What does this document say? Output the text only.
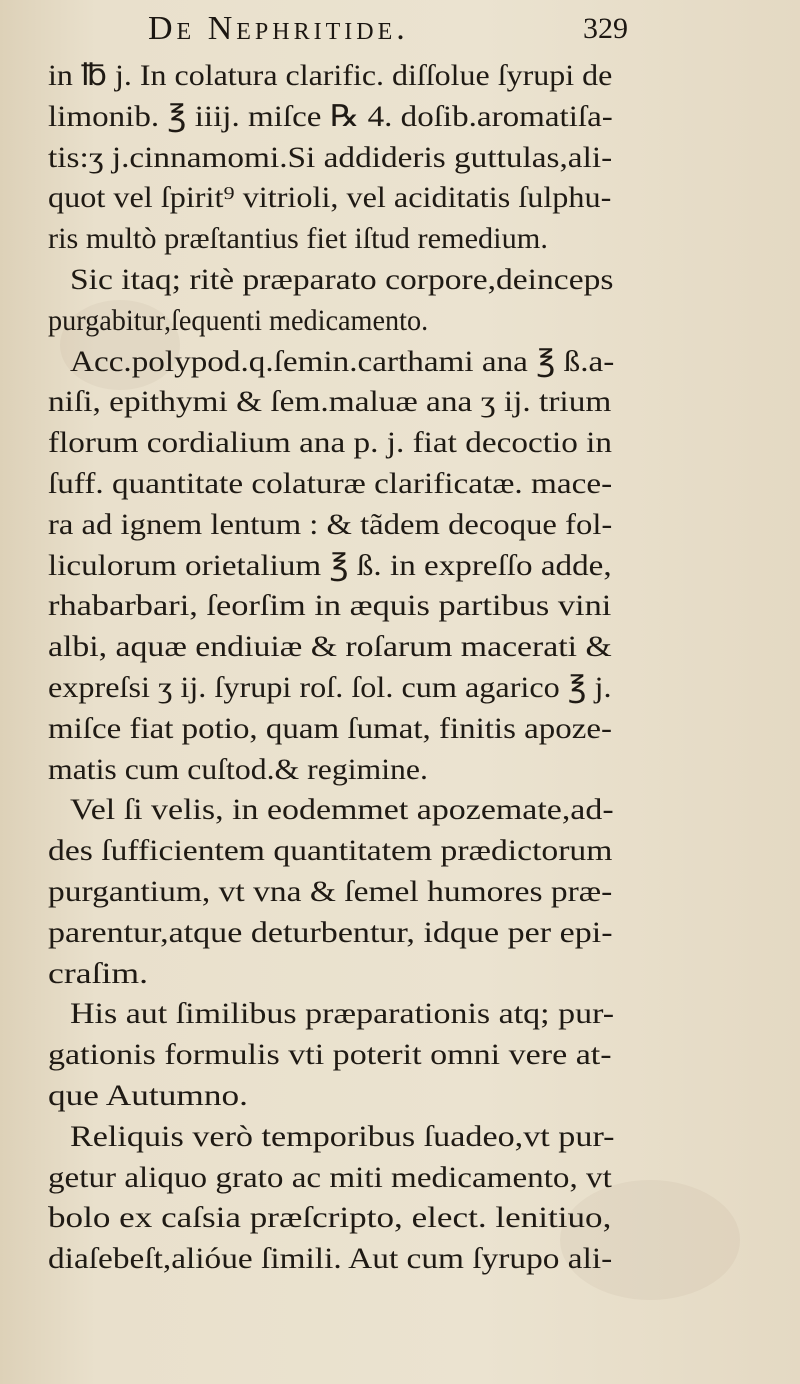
De Nephritide.	329
in ℔ j. In colatura clarific. diſſolue ſyrupi de
limonib. ℥ iiij. miſce ℞ 4. doſib.aromatiſa-
tis:ʒ j.cinnamomi.Si addideris guttulas,ali-
quot vel ſpirit⁹ vitrioli, vel aciditatis ſulphu-
ris multò præſtantius fiet iſtud remedium.
Sic itaq; ritè præparato corpore,deinceps
purgabitur,ſequenti medicamento.
Acc.polypod.q.ſemin.carthami ana ℥ ß.a-
niſi, epithymi & ſem.maluæ ana ʒ ij. trium
florum cordialium ana p. j. fiat decoctio in
ſuff. quantitate colaturæ clarificatæ. mace-
ra ad ignem lentum : & tãdem decoque fol-
liculorum orietalium ℥ ß. in expreſſo adde,
rhabarbari, ſeorſim in æquis partibus vini
albi, aquæ endiuiæ & roſarum macerati &
expreſsi ʒ ij. ſyrupi roſ. ſol. cum agarico ℥ j.
miſce fiat potio, quam ſumat, finitis apoze-
matis cum cuſtod.& regimine.
Vel ſi velis, in eodemmet apozemate,ad-
des ſufficientem quantitatem prædictorum
purgantium, vt vna & ſemel humores præ-
parentur,atque deturbentur, idque per epi-
craſim.
His aut ſimilibus præparationis atq; pur-
gationis formulis vti poterit omni vere at-
que Autumno.
Reliquis verò temporibus ſuadeo,vt pur-
getur aliquo grato ac miti medicamento, vt
bolo ex caſsia præſcripto, elect. lenitiuo,
diaſebeſt,alióue ſimili. Aut cum ſyrupo ali-
